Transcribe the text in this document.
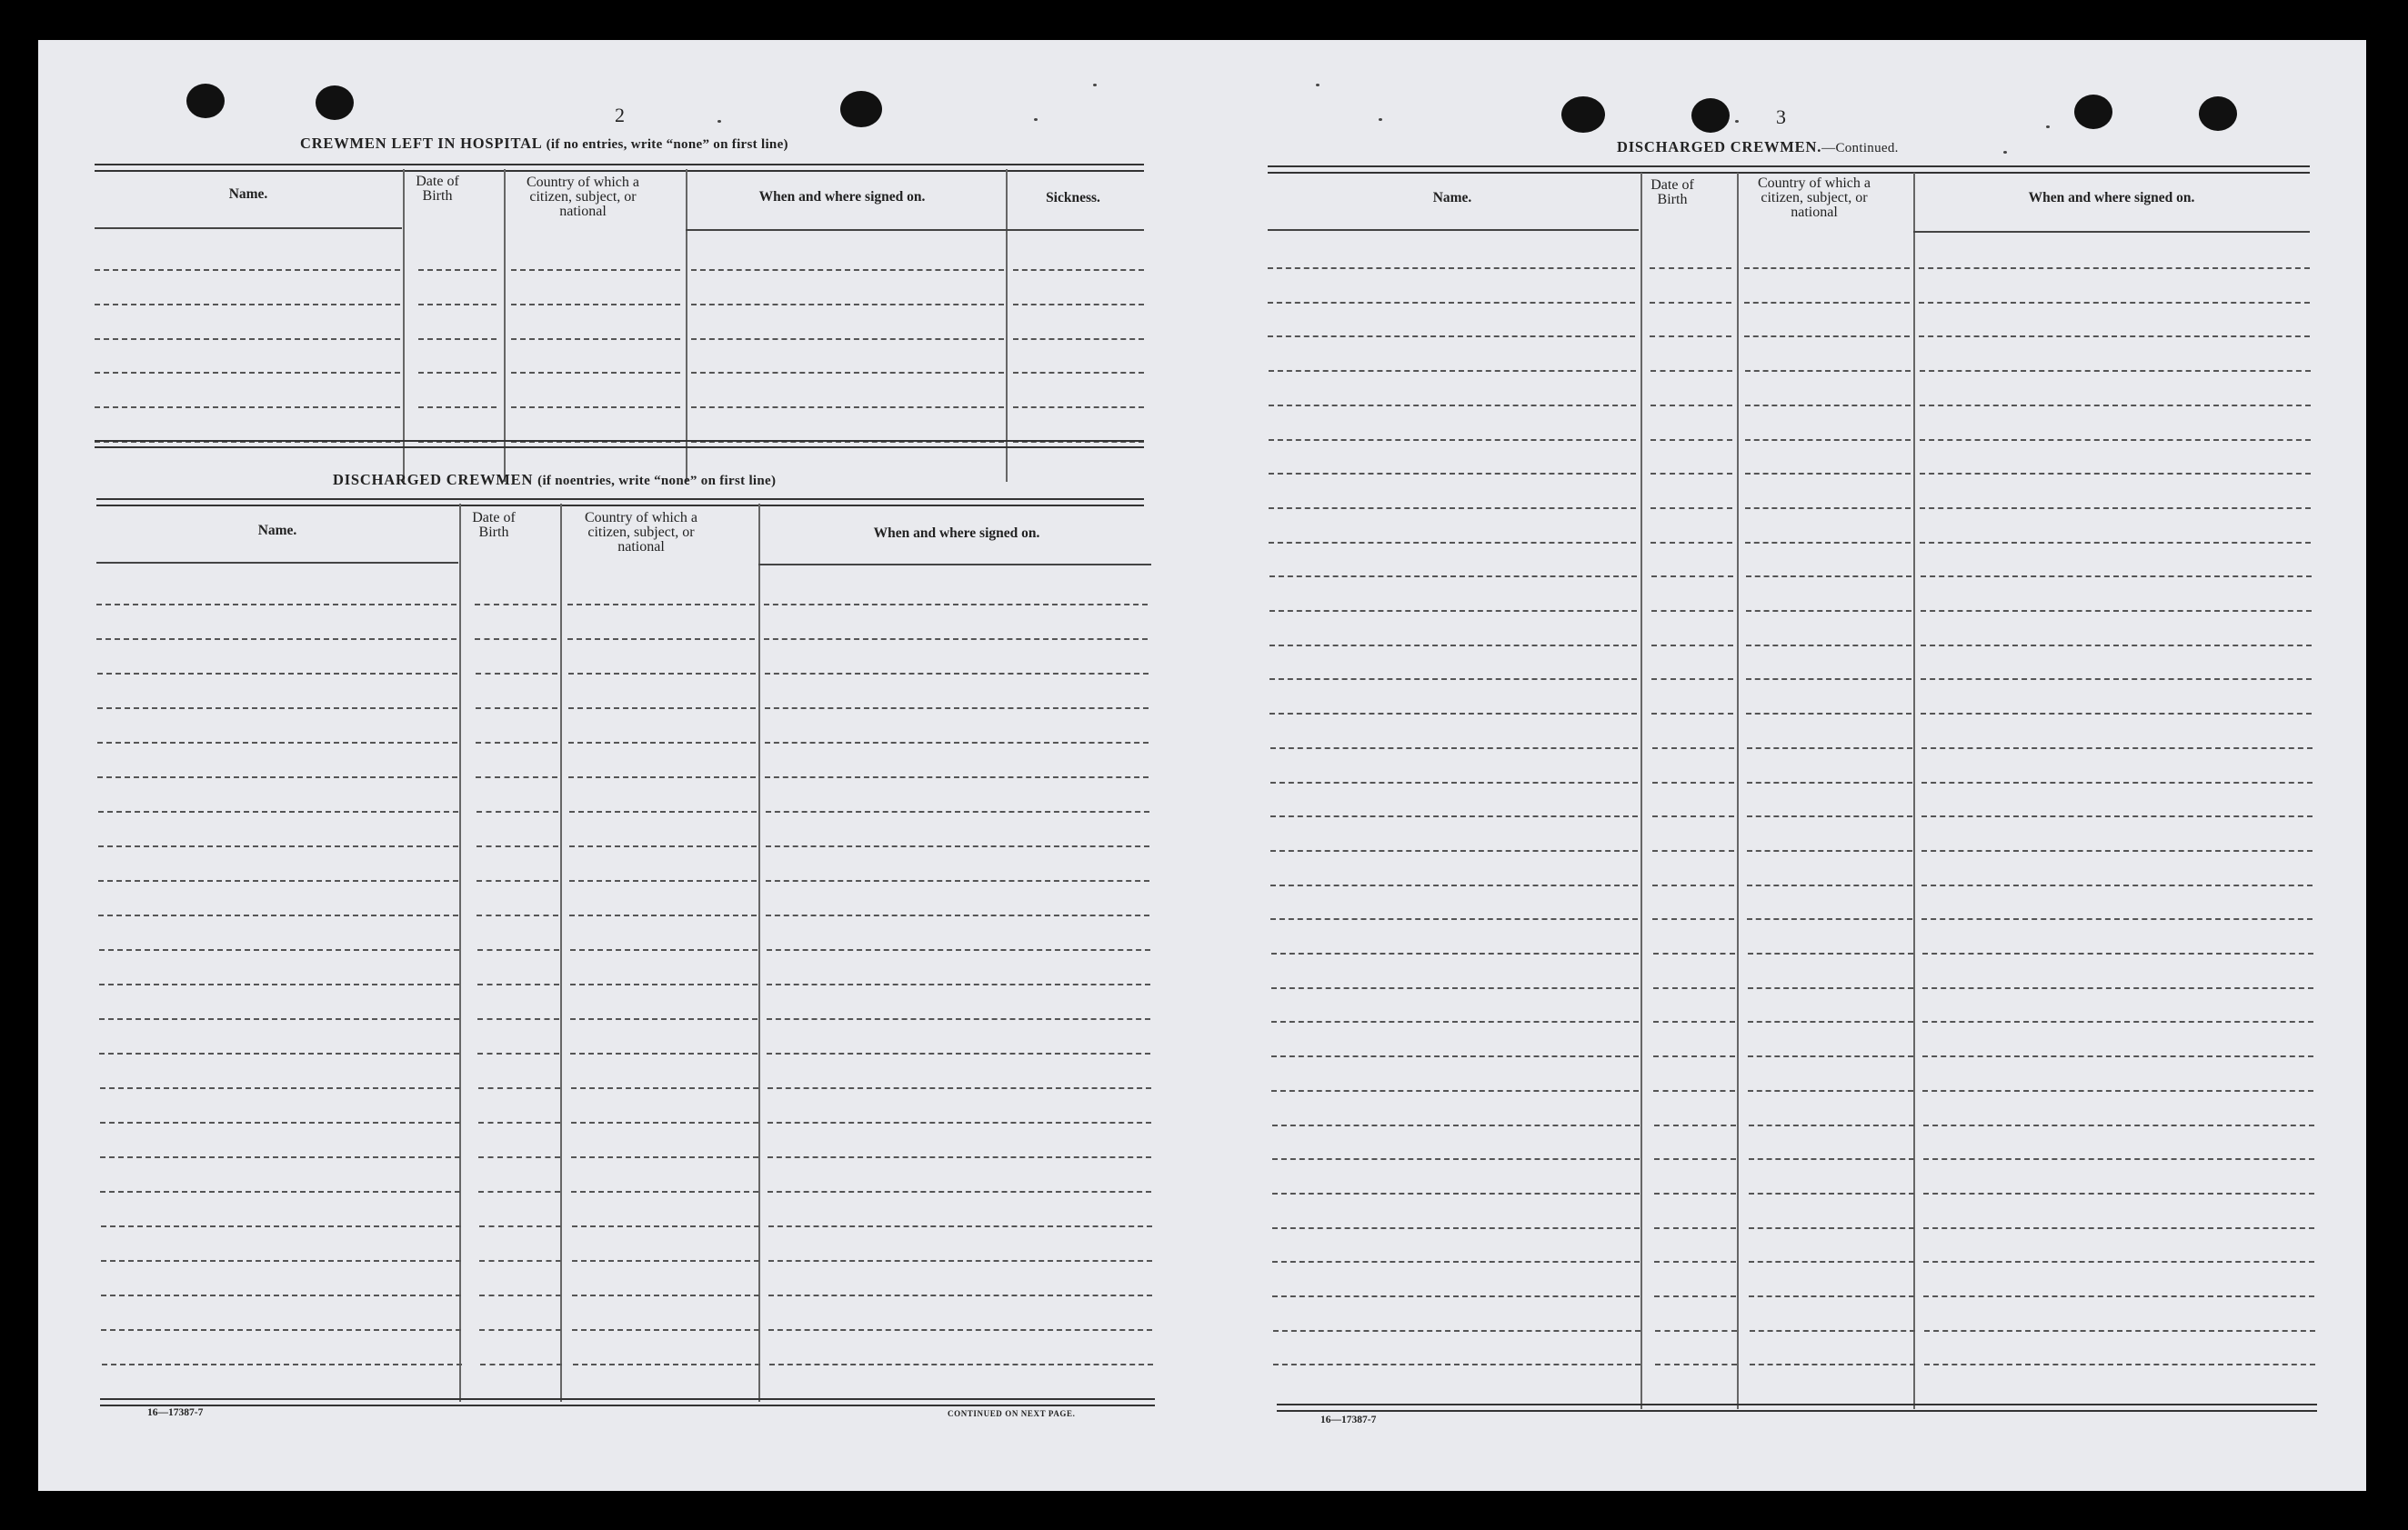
2
CREWMEN LEFT IN HOSPITAL (if no entries, write “none” on first line)
Name.
Date of Birth
Country of which a citizen, subject, or national
When and where signed on.	Sickness.
DISCHARGED CREWMEN (if noentries, write “none” on first line)
Name.
Date of Birth
Country of which a citizen, subject, or national
When and where signed on.
16—17387-7	CONTINUED ON NEXT PAGE.
3
DISCHARGED CREWMEN.—Continued.
Name.
Date of Birth
Country of which a citizen, subject, or national
When and where signed on.
16—17387-7
